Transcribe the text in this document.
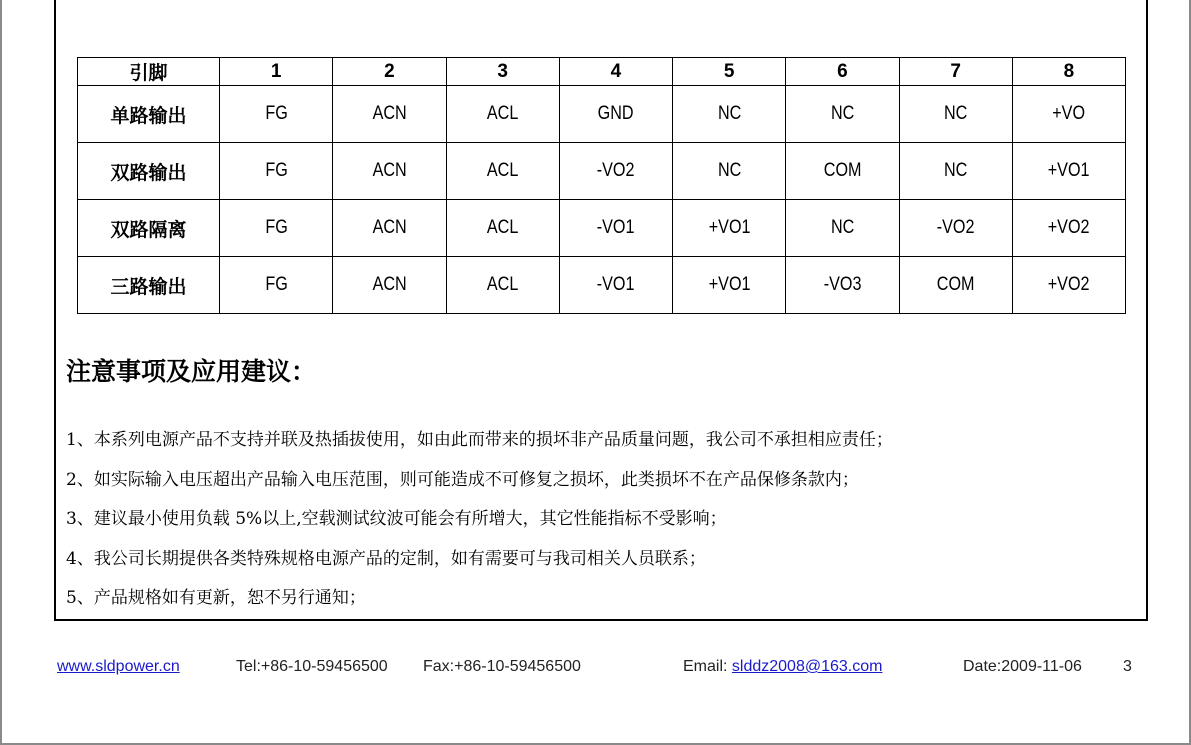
引脚	1	2	3	4	5	6	7	8
单路输出	FG	ACN	ACL	GND	NC	NC	NC	+VO
双路输出	FG	ACN	ACL	-VO2	NC	COM	NC	+VO1
双路隔离	FG	ACN	ACL	-VO1	+VO1	NC	-VO2	+VO2
三路输出	FG	ACN	ACL	-VO1	+VO1	-VO3	COM	+VO2
注意事项及应用建议：
1、本系列电源产品不支持并联及热插拔使用，如由此而带来的损坏非产品质量问题，我公司不承担相应责任；
2、如实际输入电压超出产品输入电压范围，则可能造成不可修复之损坏，此类损坏不在产品保修条款内；
3、建议最小使用负载 5%以上,空载测试纹波可能会有所增大，其它性能指标不受影响；
4、我公司长期提供各类特殊规格电源产品的定制，如有需要可与我司相关人员联系；
5、产品规格如有更新，恕不另行通知；
www.sldpower.cn	Tel:+86-10-59456500 Fax:+86-10-59456500	Email: slddz2008@163.com	Date:2009-11-06	3
